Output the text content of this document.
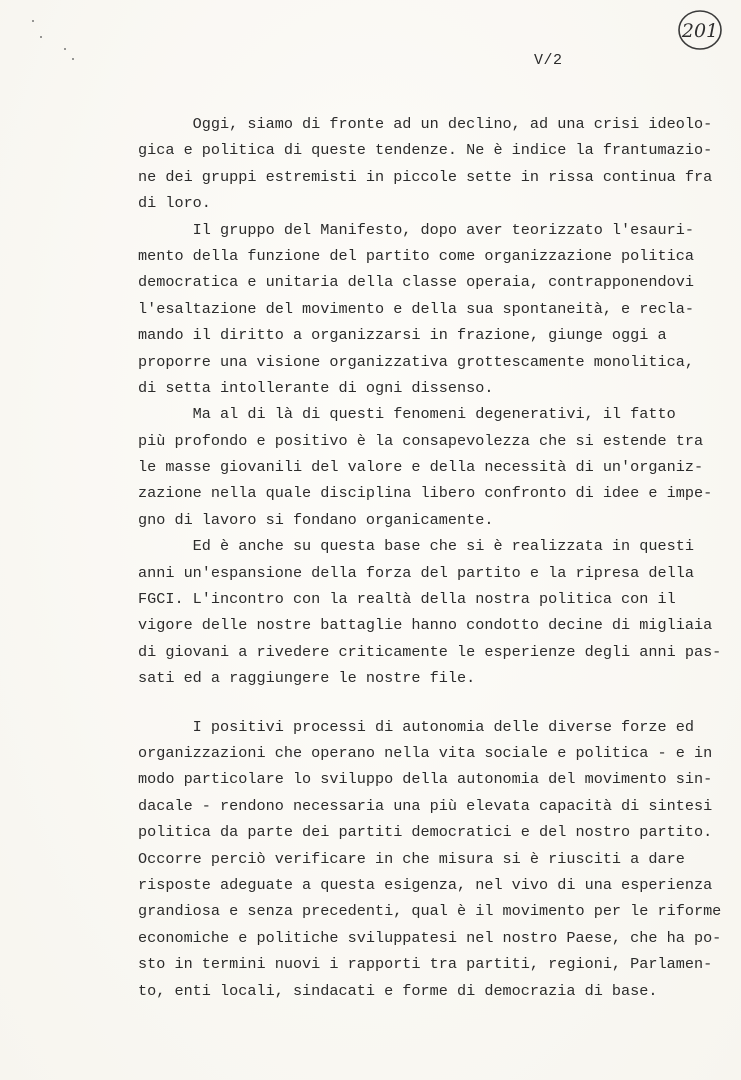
201
V/2
Oggi, siamo di fronte ad un declino, ad una crisi ideolo-
gica e politica di queste tendenze. Ne è indice la frantumazio-
ne dei gruppi estremisti in piccole sette in rissa continua fra
di loro.
Il gruppo del Manifesto, dopo aver teorizzato l'esauri-
mento della funzione del partito come organizzazione politica
democratica e unitaria della classe operaia, contrapponendovi
l'esaltazione del movimento e della sua spontaneità, e recla-
mando il diritto a organizzarsi in frazione, giunge oggi a
proporre una visione organizzativa grottescamente monolitica,
di setta intollerante di ogni dissenso.
Ma al di là di questi fenomeni degenerativi, il fatto
più profondo e positivo è la consapevolezza che si estende tra
le masse giovanili del valore e della necessità di un'organiz-
zazione nella quale disciplina libero confronto di idee e impe-
gno di lavoro si fondano organicamente.
Ed è anche su questa base che si è realizzata in questi
anni un'espansione della forza del partito e la ripresa della
FGCI. L'incontro con la realtà della nostra politica con il
vigore delle nostre battaglie hanno condotto decine di migliaia
di giovani a rivedere criticamente le esperienze degli anni pas-
sati ed a raggiungere le nostre file.
I positivi processi di autonomia delle diverse forze ed
organizzazioni che operano nella vita sociale e politica - e in
modo particolare lo sviluppo della autonomia del movimento sin-
dacale - rendono necessaria una più elevata capacità di sintesi
politica da parte dei partiti democratici e del nostro partito.
Occorre perciò verificare in che misura si è riusciti a dare
risposte adeguate a questa esigenza, nel vivo di una esperienza
grandiosa e senza precedenti, qual è il movimento per le riforme
economiche e politiche sviluppatesi nel nostro Paese, che ha po-
sto in termini nuovi i rapporti tra partiti, regioni, Parlamen-
to, enti locali, sindacati e forme di democrazia di base.
